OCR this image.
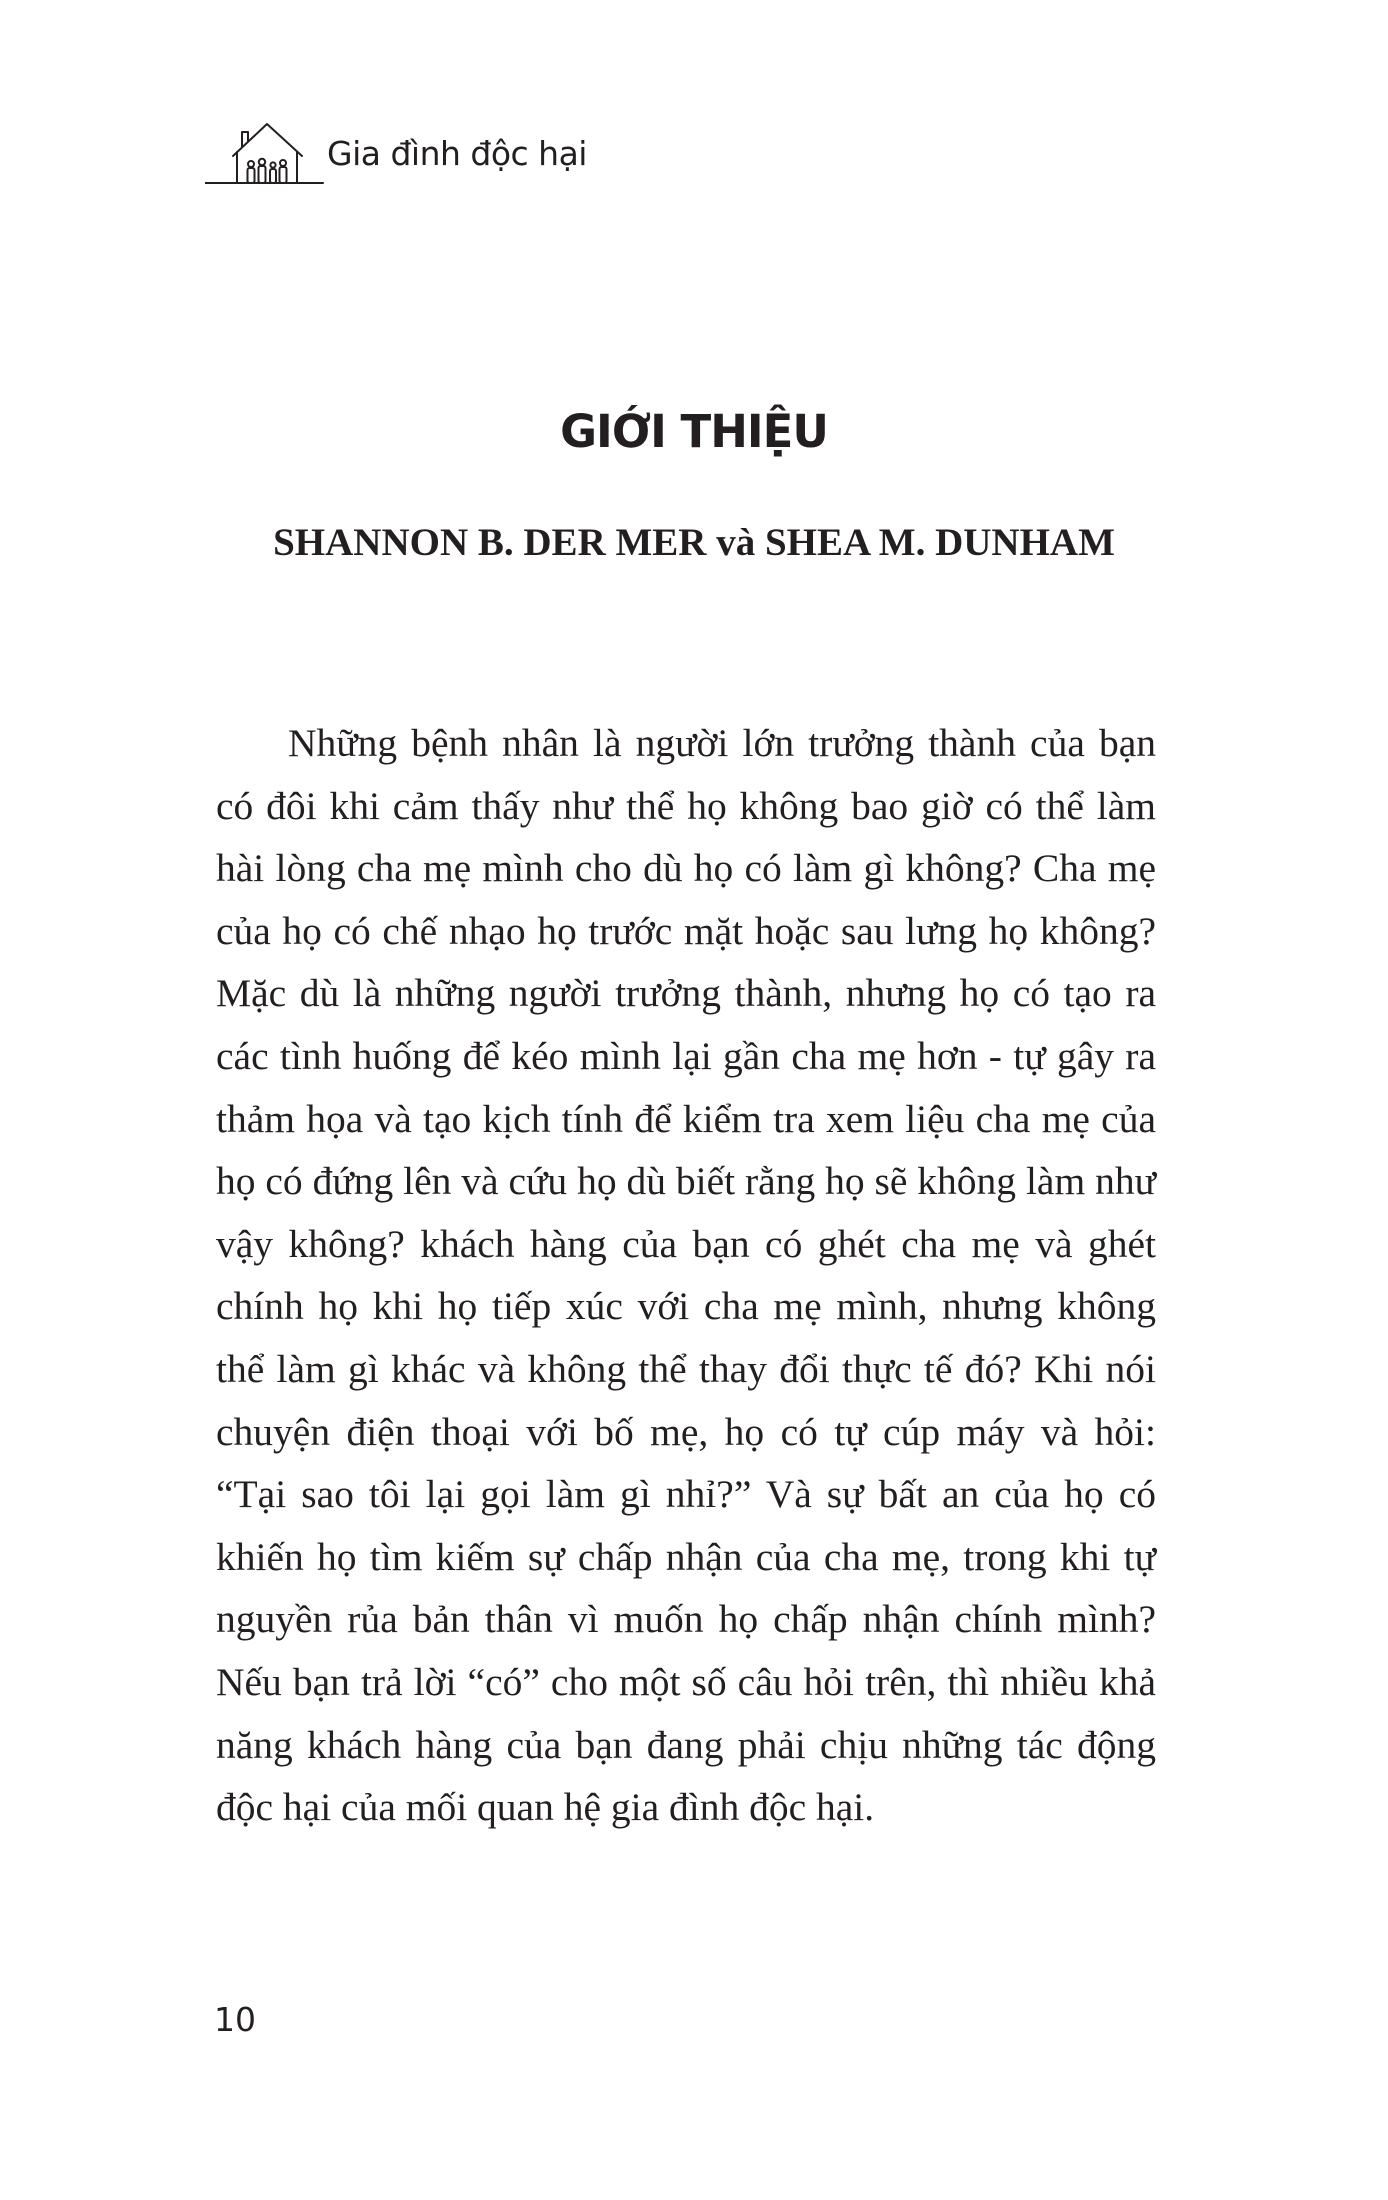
Gia đình độc hại
GIỚI THIỆU
SHANNON B. DER MER và SHEA M. DUNHAM

Những bệnh nhân là người lớn trưởng thành của bạn có đôi khi cảm thấy như thể họ không bao giờ có thể làm hài lòng cha mẹ mình cho dù họ có làm gì không? Cha mẹ của họ có chế nhạo họ trước mặt hoặc sau lưng họ không? Mặc dù là những người trưởng thành, nhưng họ có tạo ra các tình huống để kéo mình lại gần cha mẹ hơn - tự gây ra thảm họa và tạo kịch tính để kiểm tra xem liệu cha mẹ của họ có đứng lên và cứu họ dù biết rằng họ sẽ không làm như vậy không? khách hàng của bạn có ghét cha mẹ và ghét chính họ khi họ tiếp xúc với cha mẹ mình, nhưng không thể làm gì khác và không thể thay đổi thực tế đó? Khi nói chuyện điện thoại với bố mẹ, họ có tự cúp máy và hỏi: “Tại sao tôi lại gọi làm gì nhỉ?” Và sự bất an của họ có khiến họ tìm kiếm sự chấp nhận của cha mẹ, trong khi tự nguyền rủa bản thân vì muốn họ chấp nhận chính mình? Nếu bạn trả lời “có” cho một số câu hỏi trên, thì nhiều khả năng khách hàng của bạn đang phải chịu những tác động độc hại của mối quan hệ gia đình độc hại.

10
